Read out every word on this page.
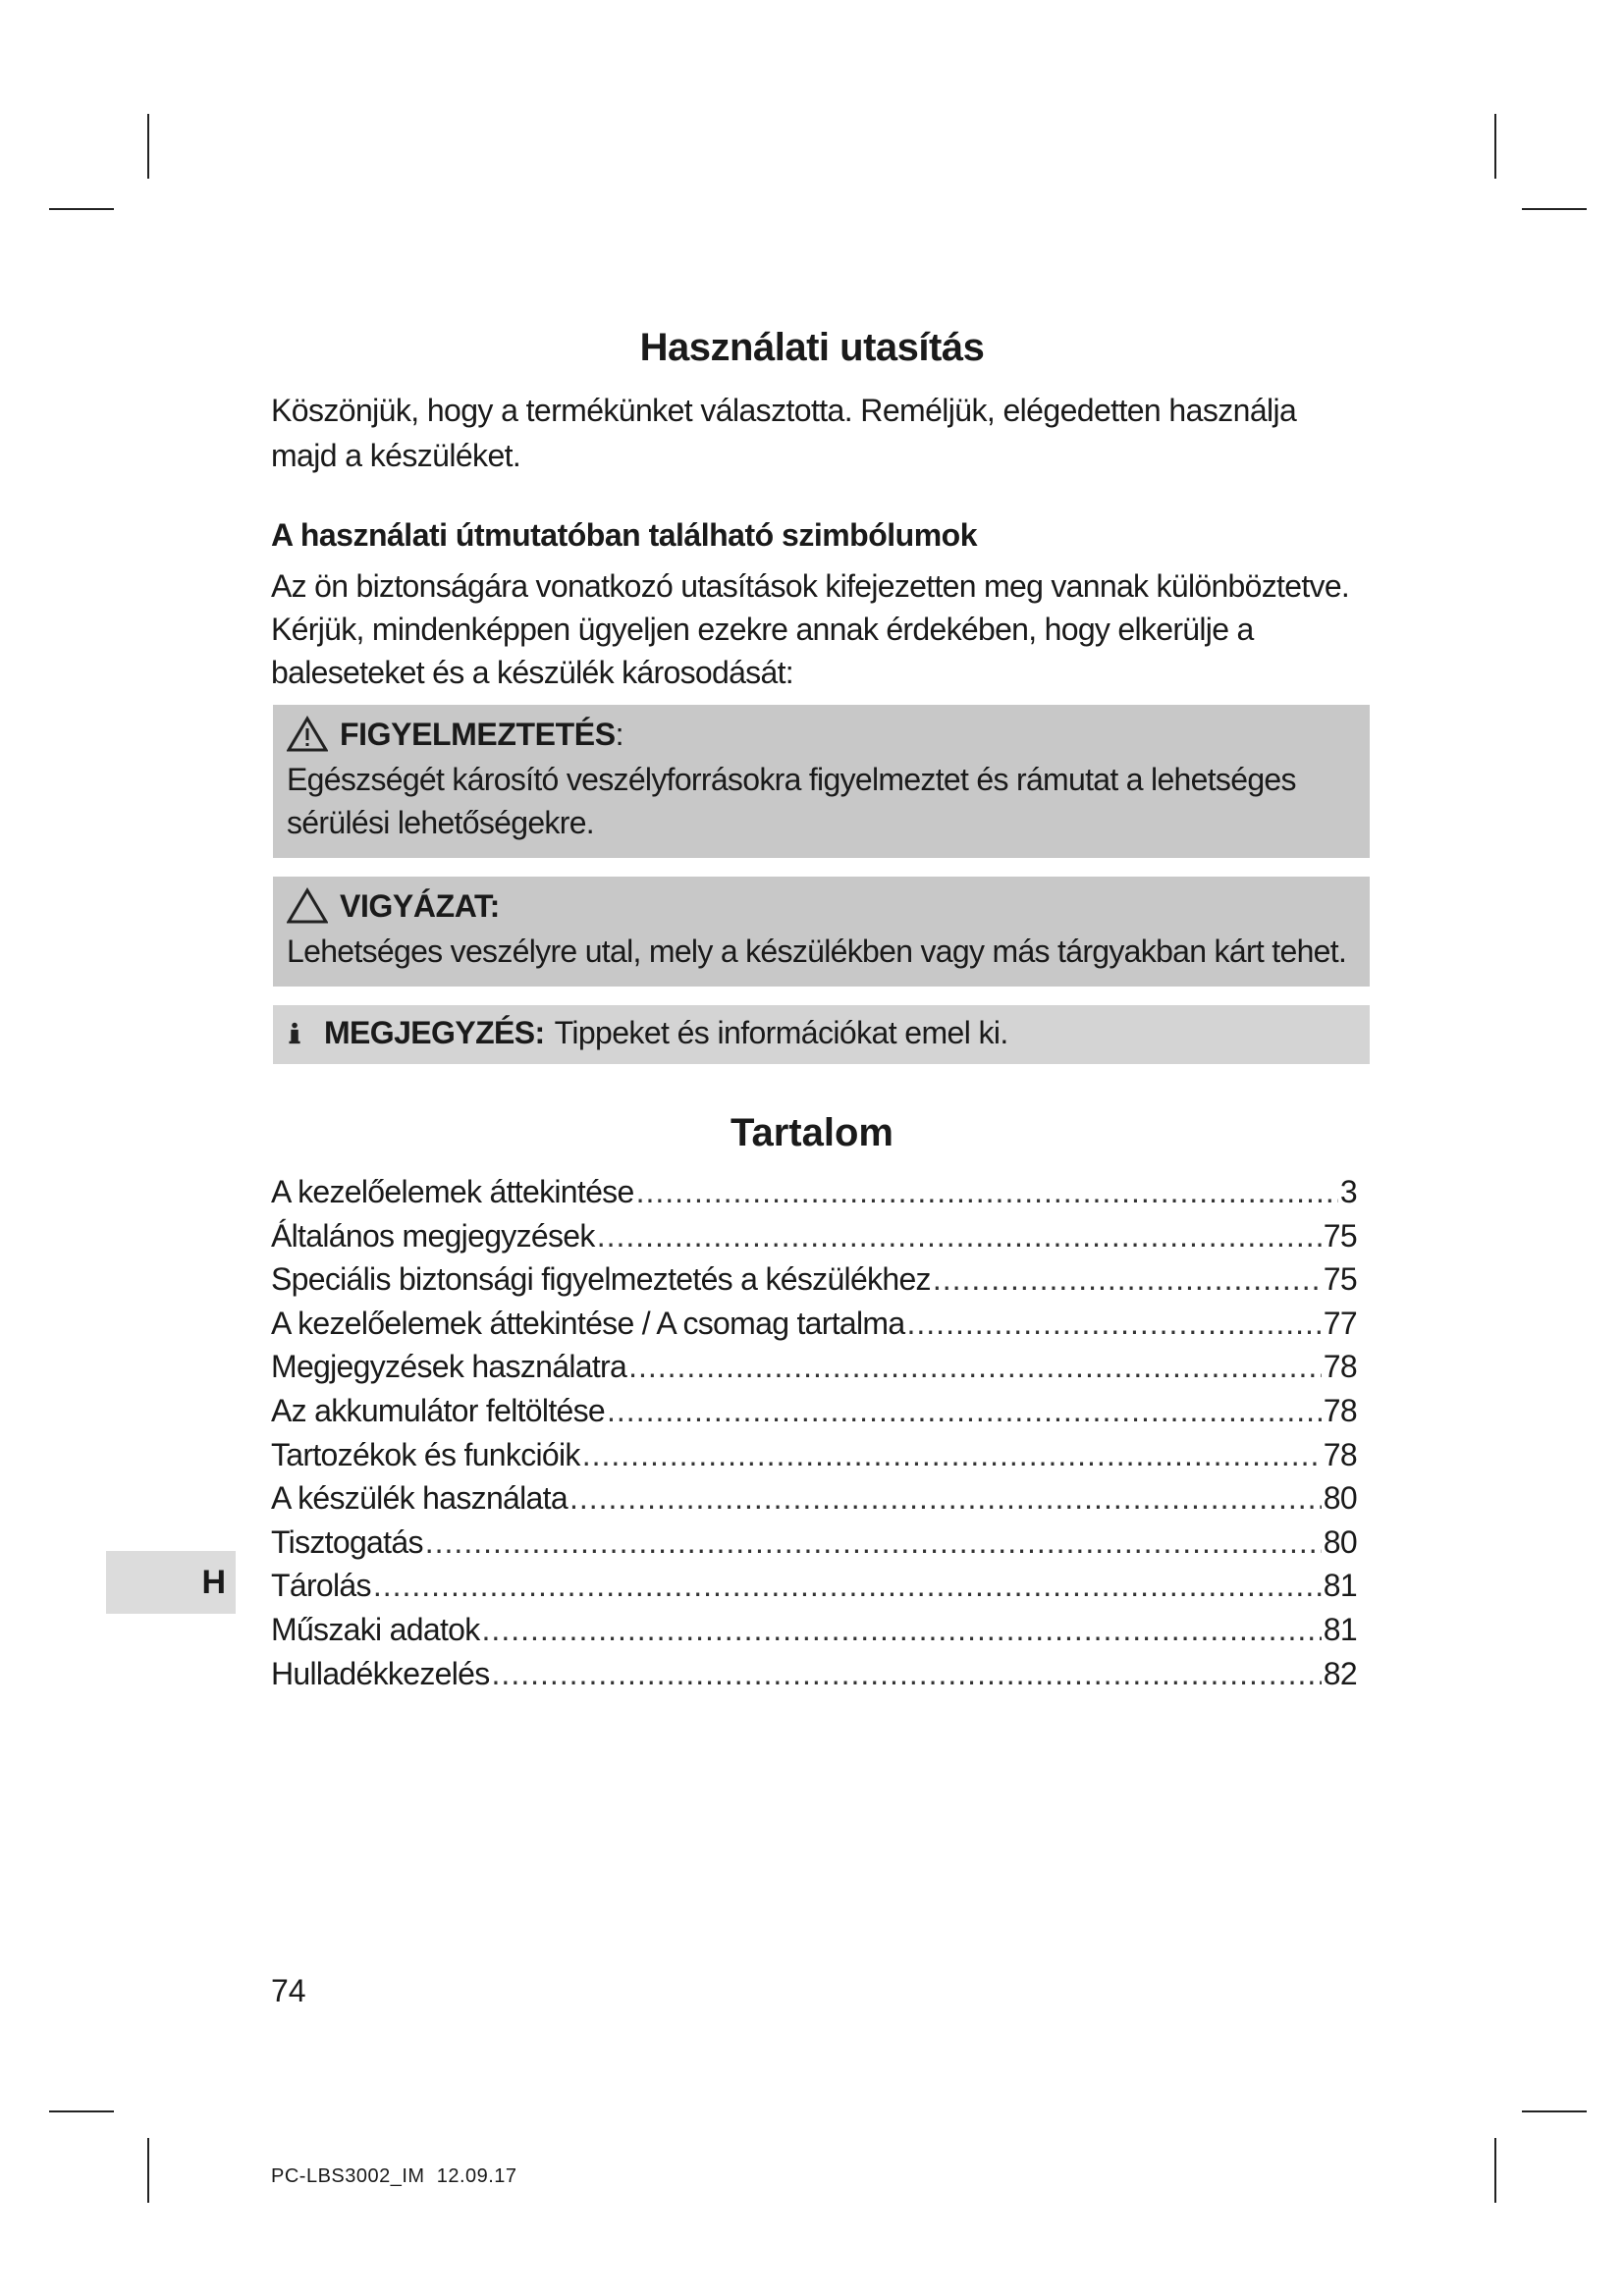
Használati utasítás

Köszönjük, hogy a termékünket választotta. Reméljük, elégedetten használja majd a készüléket.

A használati útmutatóban található szimbólumok

Az ön biztonságára vonatkozó utasítások kifejezetten meg vannak különböztetve. Kérjük, mindenképpen ügyeljen ezekre annak érdekében, hogy elkerülje a baleseteket és a készülék károsodását:

FIGYELMEZTETÉS :
Egészségét károsító veszélyforrásokra figyelmeztet és rámutat a lehetséges sérülési lehetőségekre.
VIGYÁZAT:
Lehetséges veszélyre utal, mely a készülékben vagy más tárgyakban kárt tehet.
MEGJEGYZÉS: Tippeket és információkat emel ki.
Tartalom
A kezelőelemek áttekintése .....	3
Általános megjegyzések .....	75
Speciális biztonsági figyelmeztetés a készülékhez .....	75
A kezelőelemek áttekintése / A csomag tartalma .....	77
Megjegyzések használatra .....	78
Az akkumulátor feltöltése .....	78
Tartozékok és funkcióik .....	78
A készülék használata .....	80
Tisztogatás .....	80
Tárolás .....	81
Műszaki adatok .....	81
Hulladékkezelés .....	82
H
74
PC-LBS3002_IM  12.09.17
